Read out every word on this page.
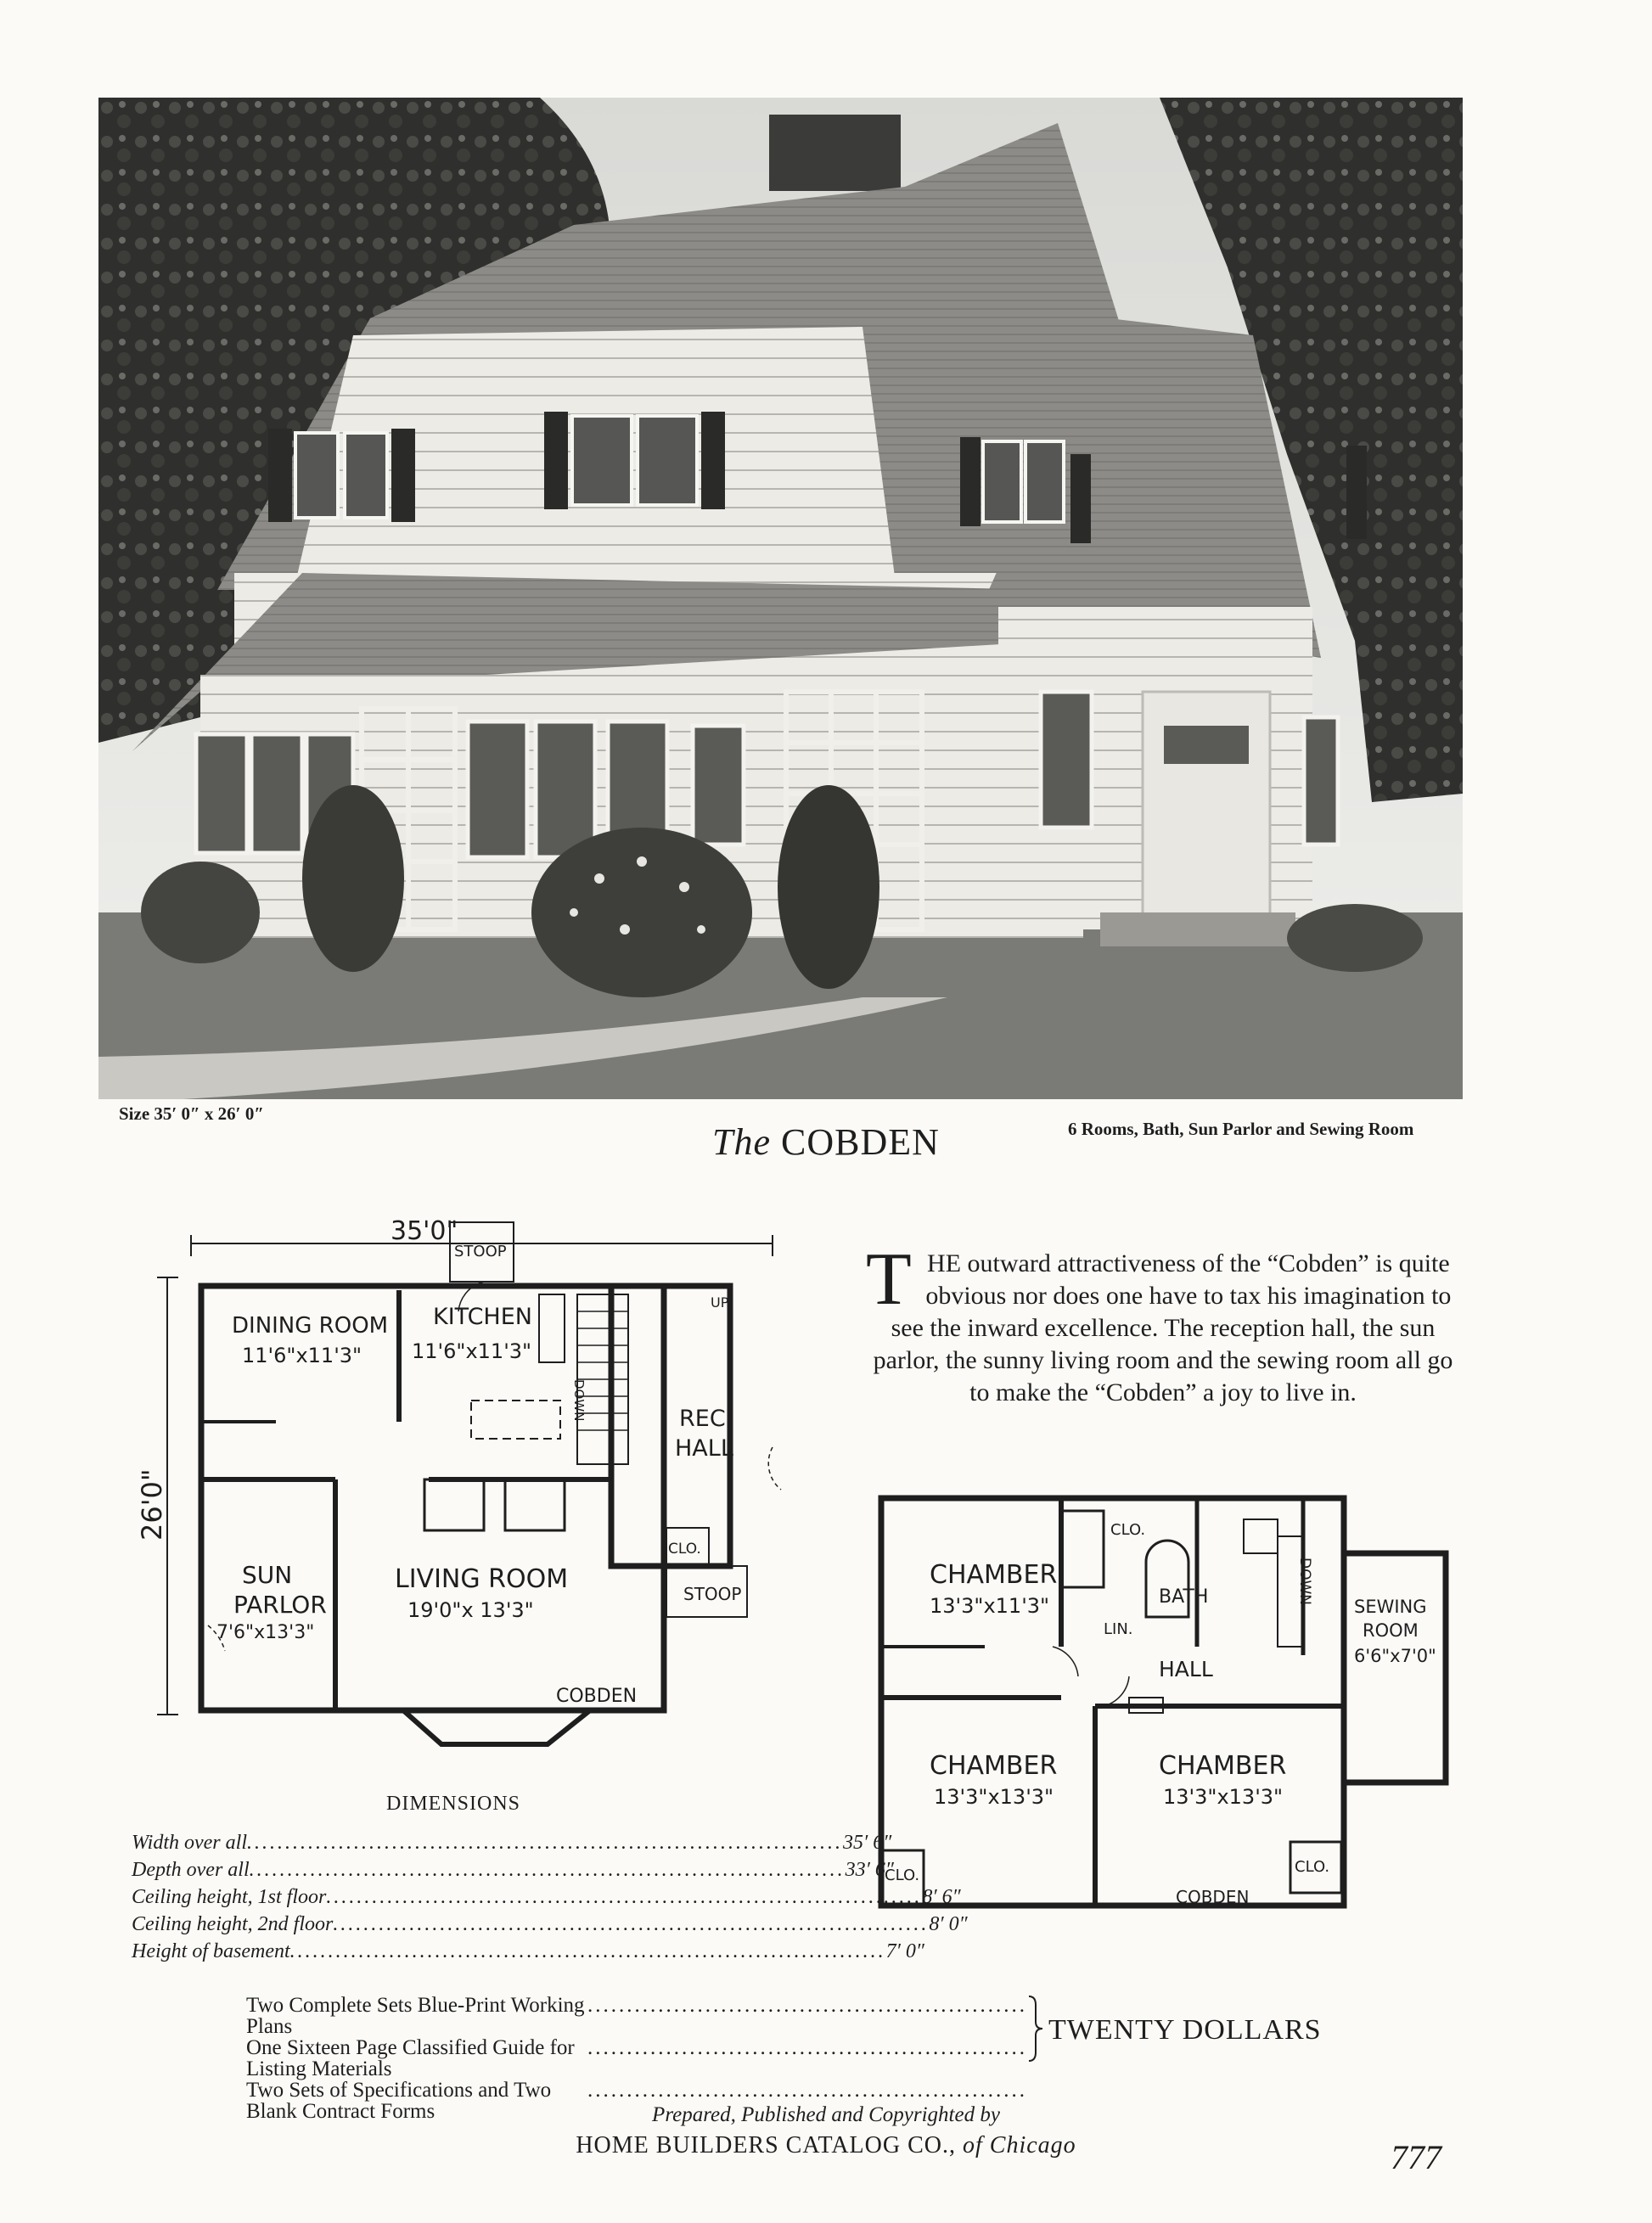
Size 35′ 0″ x 26′ 0″
6 Rooms, Bath, Sun Parlor and Sewing Room
The COBDEN
THE outward attractiveness of the “Cobden” is quite obvious nor does one have to tax his imagination to see the inward excellence. The reception hall, the sun parlor, the sunny living room and the sewing room all go to make the “Cobden” a joy to live in.
35'0"
STOOP
26'0"
DINING ROOM
11'6"x11'3"
KITCHEN
11'6"x11'3"
UP
DOWN	REC.
HALL
CLO.
STOOP
SUN
PARLOR
7'6"x13'3"
LIVING ROOM
19'0"x 13'3"
COBDEN
CHAMBER
13'3"x11'3"
CLO.
LIN.
BATH	DOWN
HALL
SEWING
ROOM
6'6"x7'0"
CHAMBER
13'3"x13'3"
CHAMBER
13'3"x13'3"
CLO.	CLO.
COBDEN
DIMENSIONS
Width over all .............................................................................. 35′ 6″
Depth over all .............................................................................. 33′ 6″
Ceiling height, 1st floor .............................................................................. 8′ 6″
Ceiling height, 2nd floor .............................................................................. 8′ 0″
Height of basement .............................................................................. 7′ 0″
Two Complete Sets Blue-Print Working Plans
........................................................
One Sixteen Page Classified Guide for Listing Materials
........................................................
Two Sets of Specifications and Two Blank Contract Forms
........................................................
TWENTY DOLLARS
Prepared, Published and Copyrighted by
HOME BUILDERS CATALOG CO., of Chicago	777
